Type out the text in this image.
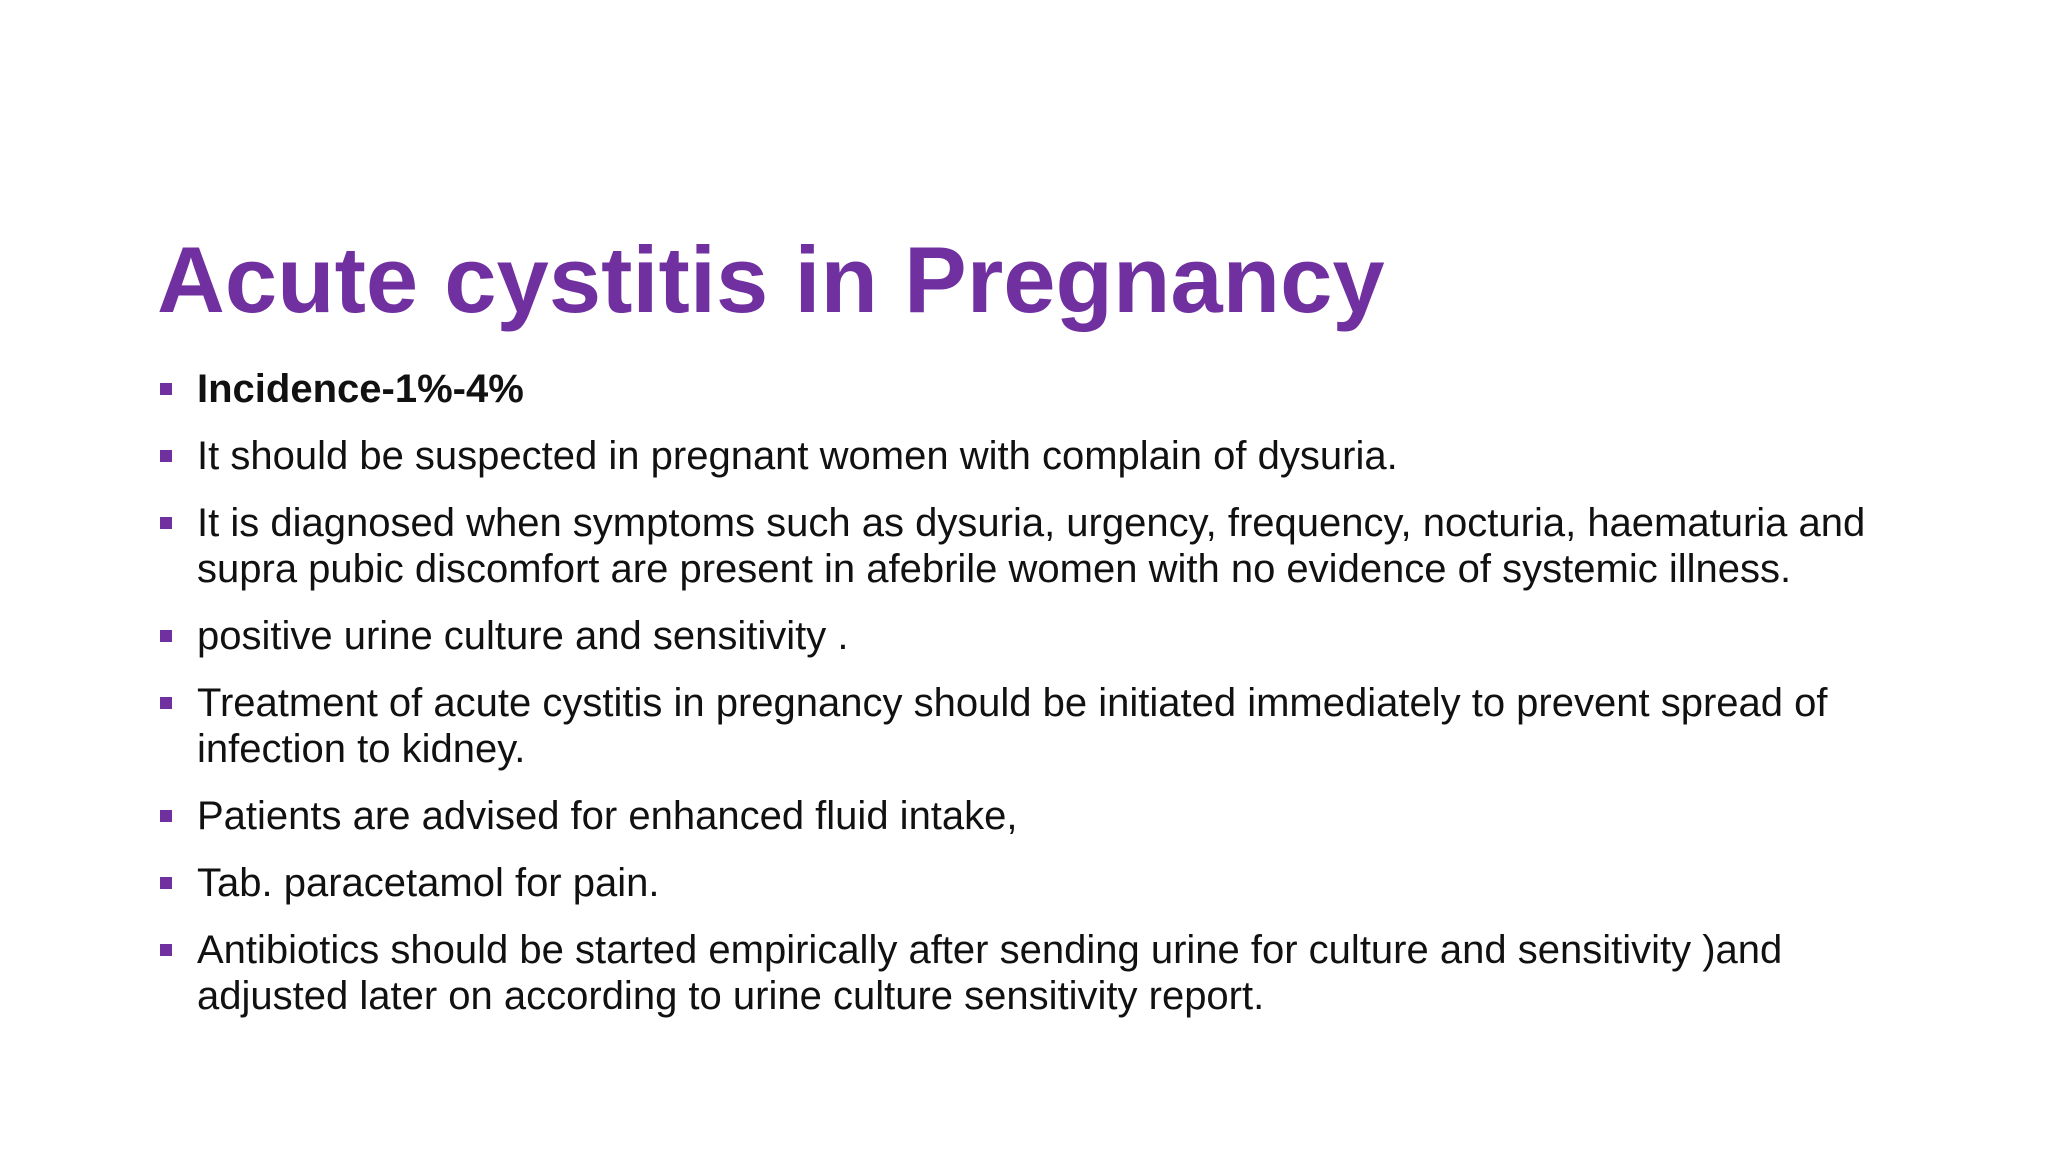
Acute cystitis in Pregnancy
Incidence-1%-4%
It should be suspected in pregnant women with complain of dysuria.
It is diagnosed when symptoms such as dysuria, urgency, frequency, nocturia, haematuria and supra pubic discomfort are present in afebrile women with no evidence of systemic illness.
positive urine culture and sensitivity .
Treatment of acute cystitis in pregnancy should be initiated immediately to prevent spread of infection to kidney.
Patients are advised for enhanced fluid intake,
Tab. paracetamol for pain.
Antibiotics should be started empirically after sending urine for culture and sensitivity )and adjusted later on according to urine culture sensitivity report.
